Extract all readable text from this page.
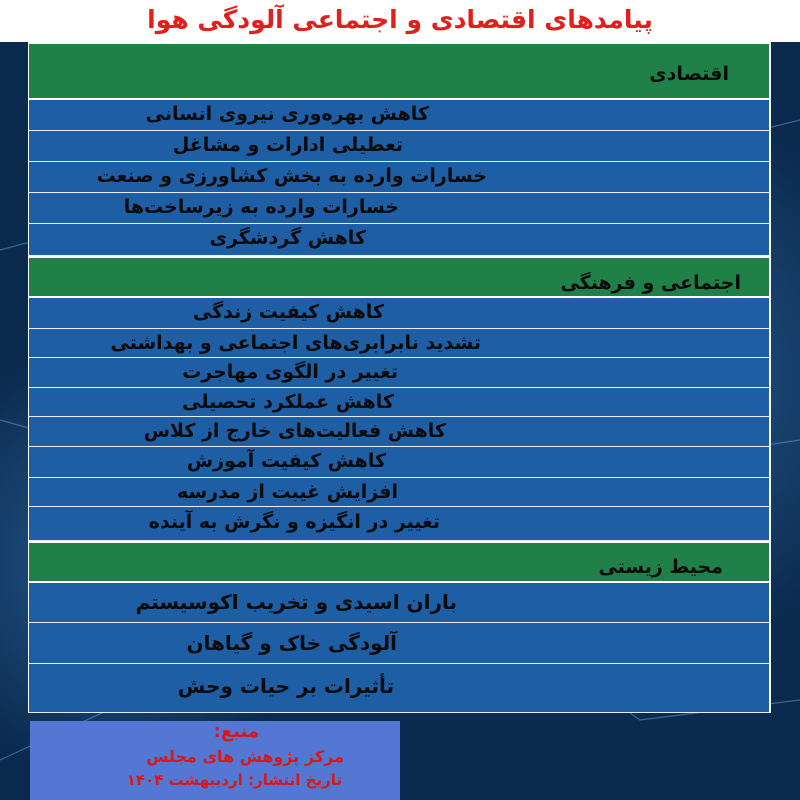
پیامدهای اقتصادی و اجتماعی آلودگی هوا
اقتصادی
کاهش بهره‌وری نیروی انسانی
تعطیلی ادارات و مشاغل
خسارات وارده به بخش کشاورزی و صنعت
خسارات وارده به زیرساخت‌ها
کاهش گردشگری
اجتماعی و فرهنگی
کاهش کیفیت زندگی
تشدید نابرابری‌های اجتماعی و بهداشتی
تغییر در الگوی مهاجرت
کاهش عملکرد تحصیلی
کاهش فعالیت‌های خارج از کلاس
کاهش کیفیت آموزش
افزایش غیبت از مدرسه
تغییر در انگیزه و نگرش به آینده
محیط زیستی
باران اسیدی و تخریب اکوسیستم
آلودگی خاک و گیاهان
تأثیرات بر حیات وحش
منبع:
مرکز پژوهش های مجلس
تاریخ انتشار: اردیبهشت ۱۴۰۴
